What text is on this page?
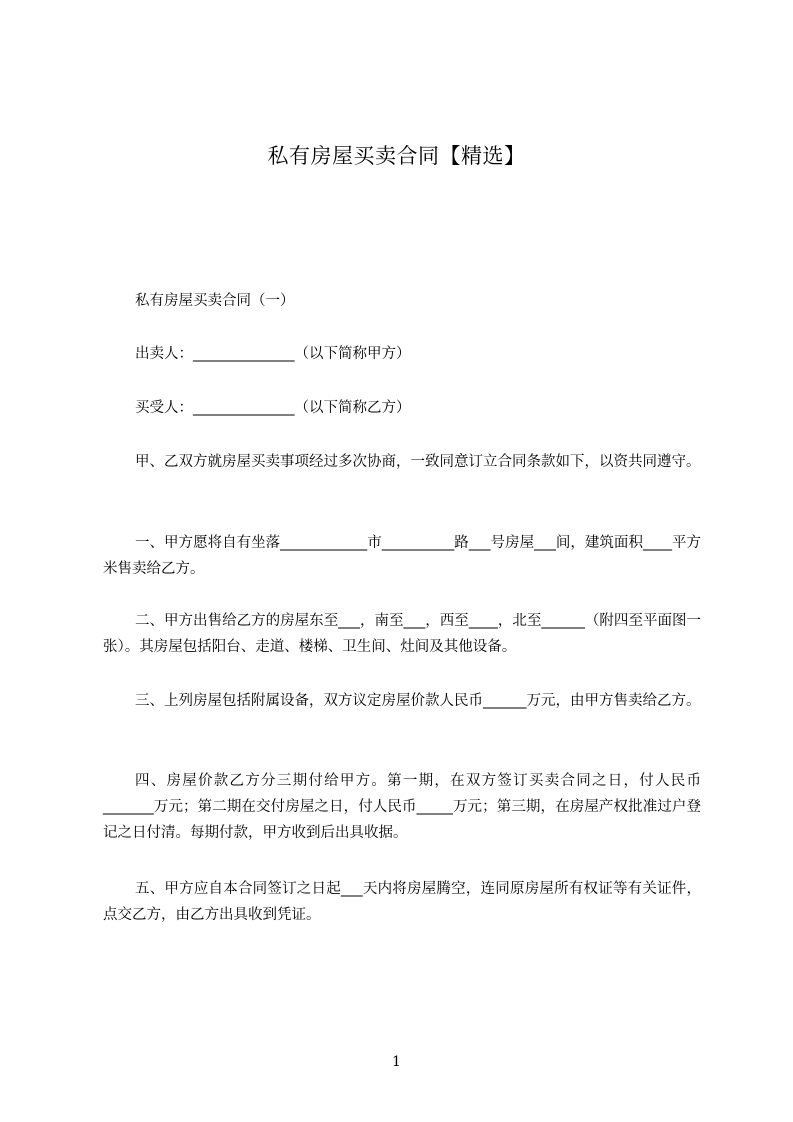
私有房屋买卖合同【精选】

私有房屋买卖合同（一）

出卖人：______________（以下简称甲方）

买受人：______________（以下简称乙方）

甲、乙双方就房屋买卖事项经过多次协商，一致同意订立合同条款如下，以资共同遵守。

一、甲方愿将自有坐落____________市__________路___号房屋___间，建筑面积____平方米售卖给乙方。

二、甲方出售给乙方的房屋东至___，南至___，西至____，北至______（附四至平面图一张）。其房屋包括阳台、走道、楼梯、卫生间、灶间及其他设备。

三、上列房屋包括附属设备，双方议定房屋价款人民币______万元，由甲方售卖给乙方。

四、房屋价款乙方分三期付给甲方。第一期，在双方签订买卖合同之日，付人民币_______万元；第二期在交付房屋之日，付人民币_____万元；第三期，在房屋产权批准过户登记之日付清。每期付款，甲方收到后出具收据。

五、甲方应自本合同签订之日起___天内将房屋腾空，连同原房屋所有权证等有关证件，点交乙方，由乙方出具收到凭证。

1
